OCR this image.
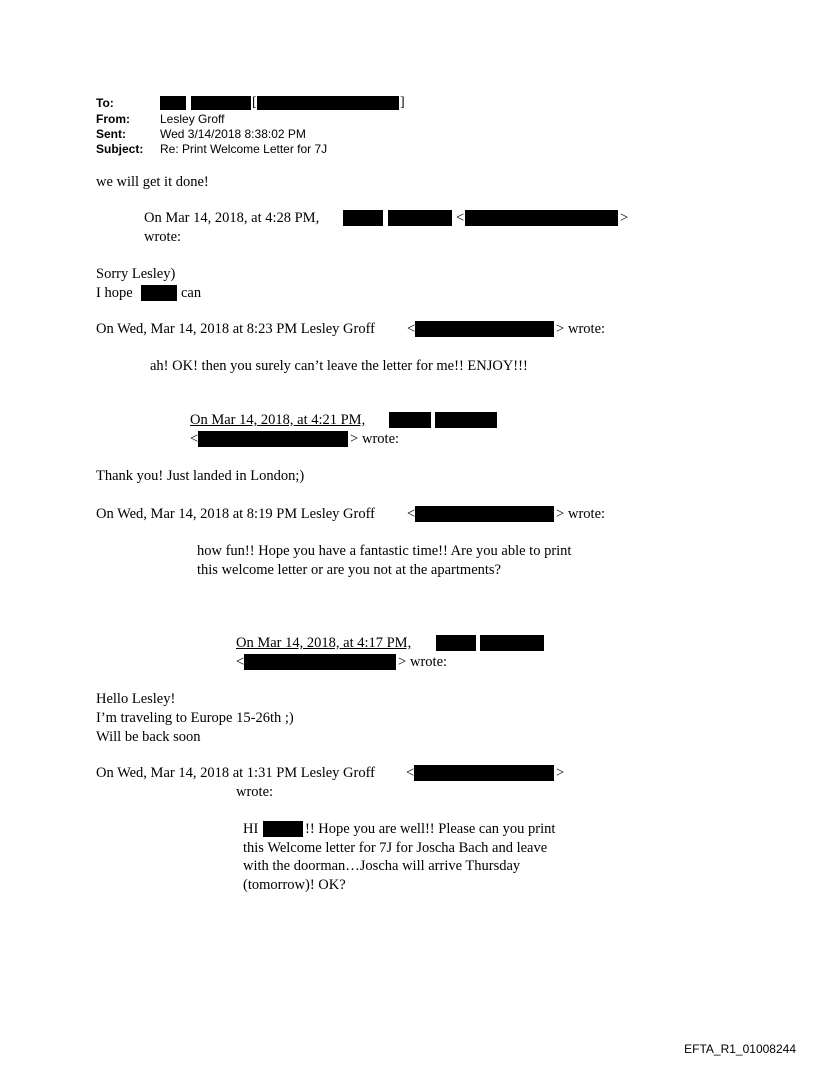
To:	[	]
From:	Lesley Groff
Sent:	Wed 3/14/2018 8:38:02 PM
Subject: Re: Print Welcome Letter for 7J
we will get it done!
On Mar 14, 2018, at 4:28 PM,	<	>
wrote:
Sorry Lesley)
I hope	can
On Wed, Mar 14, 2018 at 8:23 PM Lesley Groff <	> wrote:
ah! OK! then you surely can’t leave the letter for me!! ENJOY!!!
On Mar 14, 2018, at 4:21 PM,
<	> wrote:
Thank you! Just landed in London;)
On Wed, Mar 14, 2018 at 8:19 PM Lesley Groff <	> wrote:
how fun!! Hope you have a fantastic time!! Are you able to print
this welcome letter or are you not at the apartments?
On Mar 14, 2018, at 4:17 PM,
<	> wrote:
Hello Lesley!
I’m traveling to Europe 15-26th ;)
Will be back soon
On Wed, Mar 14, 2018 at 1:31 PM Lesley Groff <	>
wrote:
HI	!! Hope you are well!! Please can you print
this Welcome letter for 7J for Joscha Bach and leave
with the doorman…Joscha will arrive Thursday
(tomorrow)! OK?
EFTA_R1_01008244
